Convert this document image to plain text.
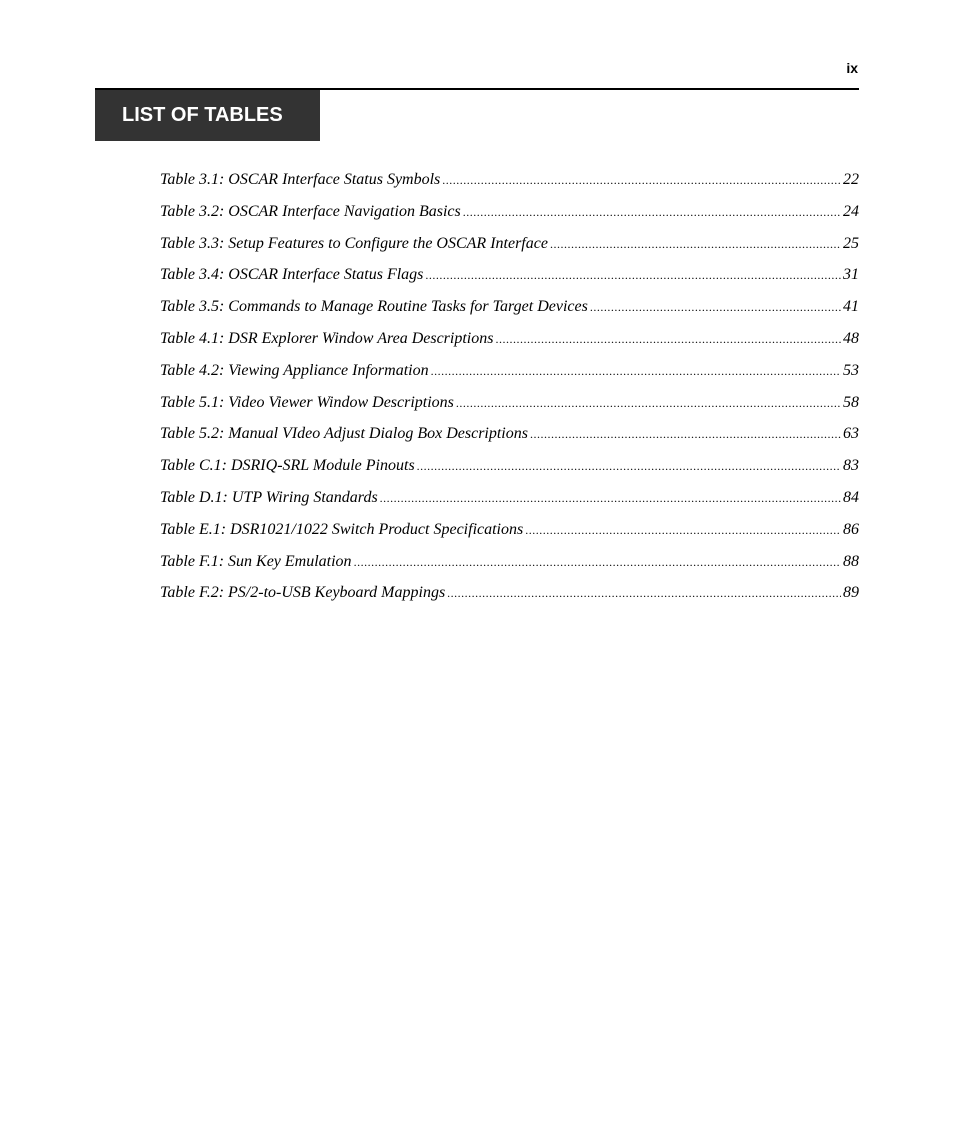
ix
LIST OF TABLES
Table 3.1: OSCAR Interface Status Symbols .....	22
Table 3.2: OSCAR Interface Navigation Basics .....	24
Table 3.3: Setup Features to Configure the OSCAR Interface .....	25
Table 3.4: OSCAR Interface Status Flags .....	31
Table 3.5: Commands to Manage Routine Tasks for Target Devices .....	41
Table 4.1: DSR Explorer Window Area Descriptions .....	48
Table 4.2: Viewing Appliance Information .....	53
Table 5.1: Video Viewer Window Descriptions .....	58
Table 5.2: Manual VIdeo Adjust Dialog Box Descriptions .....	63
Table C.1: DSRIQ-SRL Module Pinouts .....	83
Table D.1: UTP Wiring Standards .....	84
Table E.1: DSR1021/1022 Switch Product Specifications .....	86
Table F.1: Sun Key Emulation .....	88
Table F.2: PS/2-to-USB Keyboard Mappings .....	89
